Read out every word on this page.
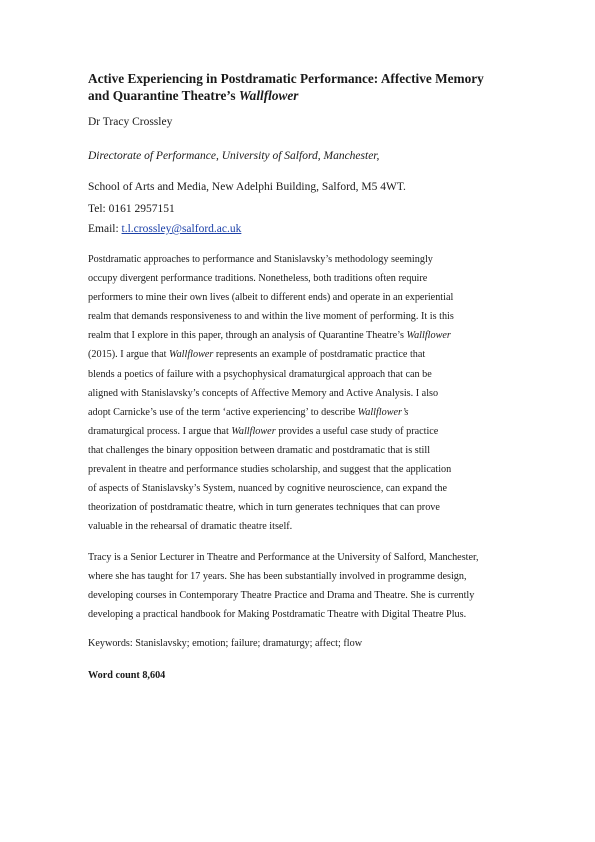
Active Experiencing in Postdramatic Performance: Affective Memory
and Quarantine Theatre’s Wallflower
Dr Tracy Crossley
Directorate of Performance, University of Salford, Manchester,
School of Arts and Media, New Adelphi Building, Salford, M5 4WT.
Tel: 0161 2957151
Email: t.l.crossley@salford.ac.uk
Postdramatic approaches to performance and Stanislavsky’s methodology seemingly
occupy divergent performance traditions. Nonetheless, both traditions often require
performers to mine their own lives (albeit to different ends) and operate in an experiential
realm that demands responsiveness to and within the live moment of performing. It is this
realm that I explore in this paper, through an analysis of Quarantine Theatre’s Wallflower
(2015). I argue that Wallflower represents an example of postdramatic practice that
blends a poetics of failure with a psychophysical dramaturgical approach that can be
aligned with Stanislavsky’s concepts of Affective Memory and Active Analysis. I also
adopt Carnicke’s use of the term ‘active experiencing’ to describe Wallflower’s
dramaturgical process. I argue that Wallflower provides a useful case study of practice
that challenges the binary opposition between dramatic and postdramatic that is still
prevalent in theatre and performance studies scholarship, and suggest that the application
of aspects of Stanislavsky’s System, nuanced by cognitive neuroscience, can expand the
theorization of postdramatic theatre, which in turn generates techniques that can prove
valuable in the rehearsal of dramatic theatre itself.
Tracy is a Senior Lecturer in Theatre and Performance at the University of Salford, Manchester,
where she has taught for 17 years. She has been substantially involved in programme design,
developing courses in Contemporary Theatre Practice and Drama and Theatre. She is currently
developing a practical handbook for Making Postdramatic Theatre with Digital Theatre Plus.
Keywords: Stanislavsky; emotion; failure; dramaturgy; affect; flow
Word count 8,604
